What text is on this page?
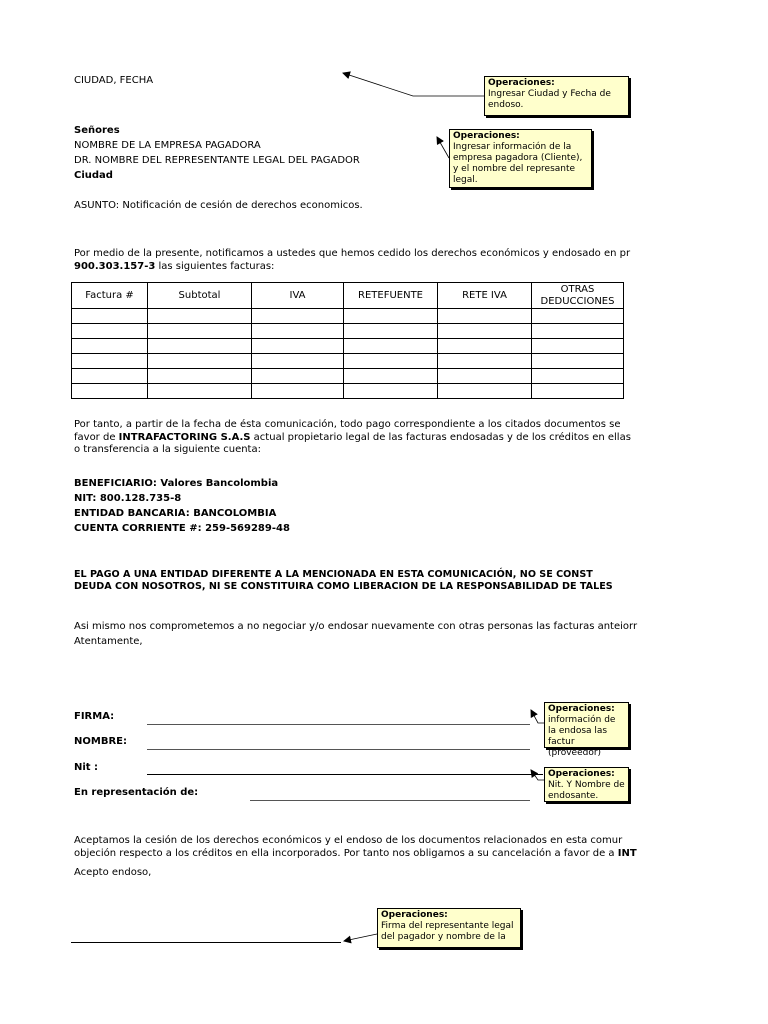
CIUDAD, FECHA
Señores
NOMBRE DE LA EMPRESA PAGADORA
DR. NOMBRE DEL REPRESENTANTE LEGAL DEL PAGADOR
Ciudad
ASUNTO: Notificación de cesión de derechos economicos.
Por medio de la presente, notificamos a ustedes que hemos cedido los derechos económicos y endosado en pr
900.303.157-3 las siguientes facturas:
Factura #	Subtotal	IVA	RETEFUENTE	RETE IVA	OTRAS DEDUCCIONES

Por tanto, a partir de la fecha de ésta comunicación, todo pago correspondiente a los citados documentos se
favor de INTRAFACTORING S.A.S actual propietario legal de las facturas endosadas y de los créditos en ellas
o transferencia a la siguiente cuenta:
BENEFICIARIO: Valores Bancolombia
NIT: 800.128.735-8
ENTIDAD BANCARIA: BANCOLOMBIA
CUENTA CORRIENTE #: 259-569289-48
EL PAGO A UNA ENTIDAD DIFERENTE A LA MENCIONADA EN ESTA COMUNICACIÓN, NO SE CONST
DEUDA CON NOSOTROS, NI SE CONSTITUIRA COMO LIBERACION DE LA RESPONSABILIDAD DE TALES
Asi mismo nos comprometemos a no negociar y/o endosar nuevamente con otras personas las facturas anteiorr
Atentamente,
FIRMA:
NOMBRE:
Nit :
En representación de:
Aceptamos la cesión de los derechos económicos y el endoso de los documentos relacionados en esta comur
objeción respecto a los créditos en ella incorporados. Por tanto nos obligamos a su cancelación a favor de a INT
Acepto endoso,
Operaciones:
Ingresar Ciudad y Fecha de endoso.
Operaciones:
Ingresar información de la empresa pagadora (Cliente), y el nombre del represante legal.
Operaciones:
información de la endosa las factur (proveedor)
Operaciones:
Nit. Y Nombre de endosante.
Operaciones:
Firma del representante legal del pagador y nombre de la
